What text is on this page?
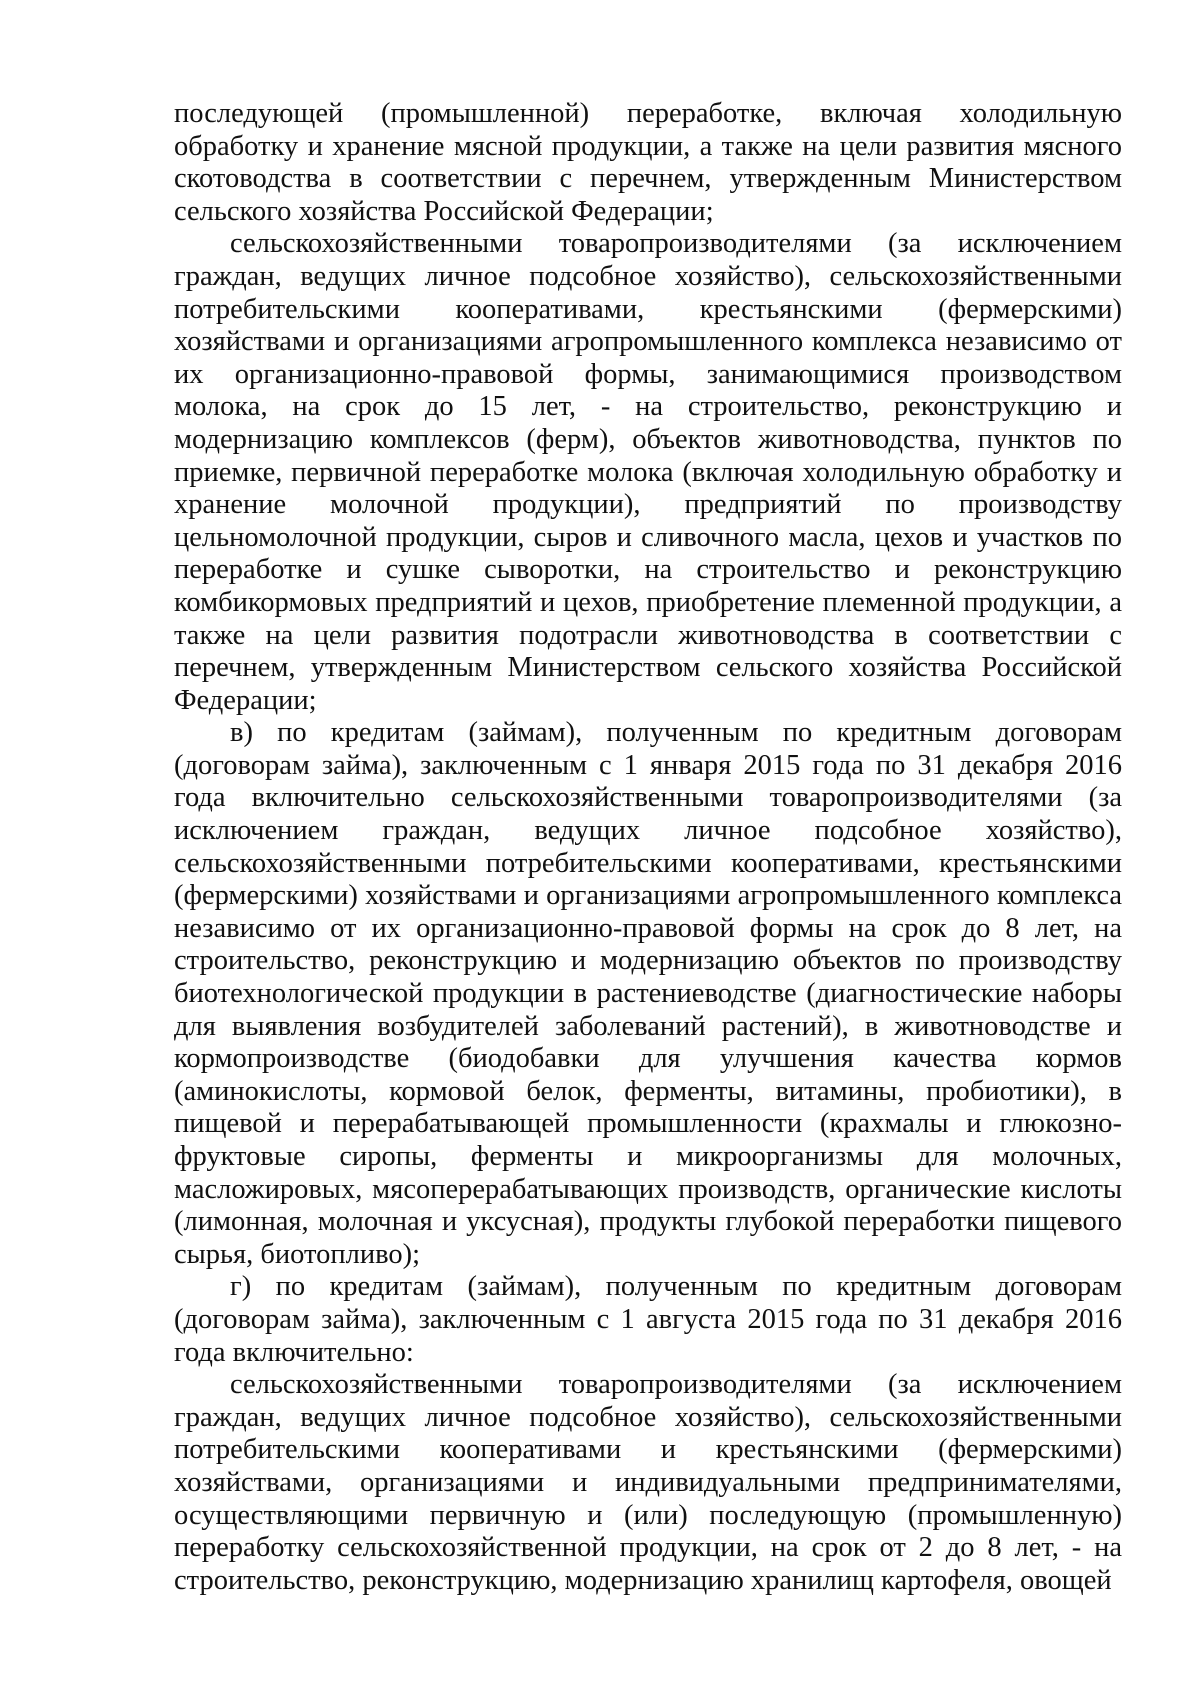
последующей (промышленной) переработке, включая холодильную обработку и хранение мясной продукции, а также на цели развития мясного скотоводства в соответствии с перечнем, утвержденным Министерством сельского хозяйства Российской Федерации;

сельскохозяйственными товаропроизводителями (за исключением граждан, ведущих личное подсобное хозяйство), сельскохозяйственными потребительскими кооперативами, крестьянскими (фермерскими) хозяйствами и организациями агропромышленного комплекса независимо от их организационно-правовой формы, занимающимися производством молока, на срок до 15 лет, - на строительство, реконструкцию и модернизацию комплексов (ферм), объектов животноводства, пунктов по приемке, первичной переработке молока (включая холодильную обработку и хранение молочной продукции), предприятий по производству цельномолочной продукции, сыров и сливочного масла, цехов и участков по переработке и сушке сыворотки, на строительство и реконструкцию комбикормовых предприятий и цехов, приобретение племенной продукции, а также на цели развития подотрасли животноводства в соответствии с перечнем, утвержденным Министерством сельского хозяйства Российской Федерации;

в) по кредитам (займам), полученным по кредитным договорам (договорам займа), заключенным с 1 января 2015 года по 31 декабря 2016 года включительно сельскохозяйственными товаропроизводителями (за исключением граждан, ведущих личное подсобное хозяйство), сельскохозяйственными потребительскими кооперативами, крестьянскими (фермерскими) хозяйствами и организациями агропромышленного комплекса независимо от их организационно-правовой формы на срок до 8 лет, на строительство, реконструкцию и модернизацию объектов по производству биотехнологической продукции в растениеводстве (диагностические наборы для выявления возбудителей заболеваний растений), в животноводстве и кормопроизводстве (биодобавки для улучшения качества кормов (аминокислоты, кормовой белок, ферменты, витамины, пробиотики), в пищевой и перерабатывающей промышленности (крахмалы и глюкозно-фруктовые сиропы, ферменты и микроорганизмы для молочных, масложировых, мясоперерабатывающих производств, органические кислоты (лимонная, молочная и уксусная), продукты глубокой переработки пищевого сырья, биотопливо);

г) по кредитам (займам), полученным по кредитным договорам (договорам займа), заключенным с 1 августа 2015 года по 31 декабря 2016 года включительно:

сельскохозяйственными товаропроизводителями (за исключением граждан, ведущих личное подсобное хозяйство), сельскохозяйственными потребительскими кооперативами и крестьянскими (фермерскими) хозяйствами, организациями и индивидуальными предпринимателями, осуществляющими первичную и (или) последующую (промышленную) переработку сельскохозяйственной продукции, на срок от 2 до 8 лет, - на строительство, реконструкцию, модернизацию хранилищ картофеля, овощей
